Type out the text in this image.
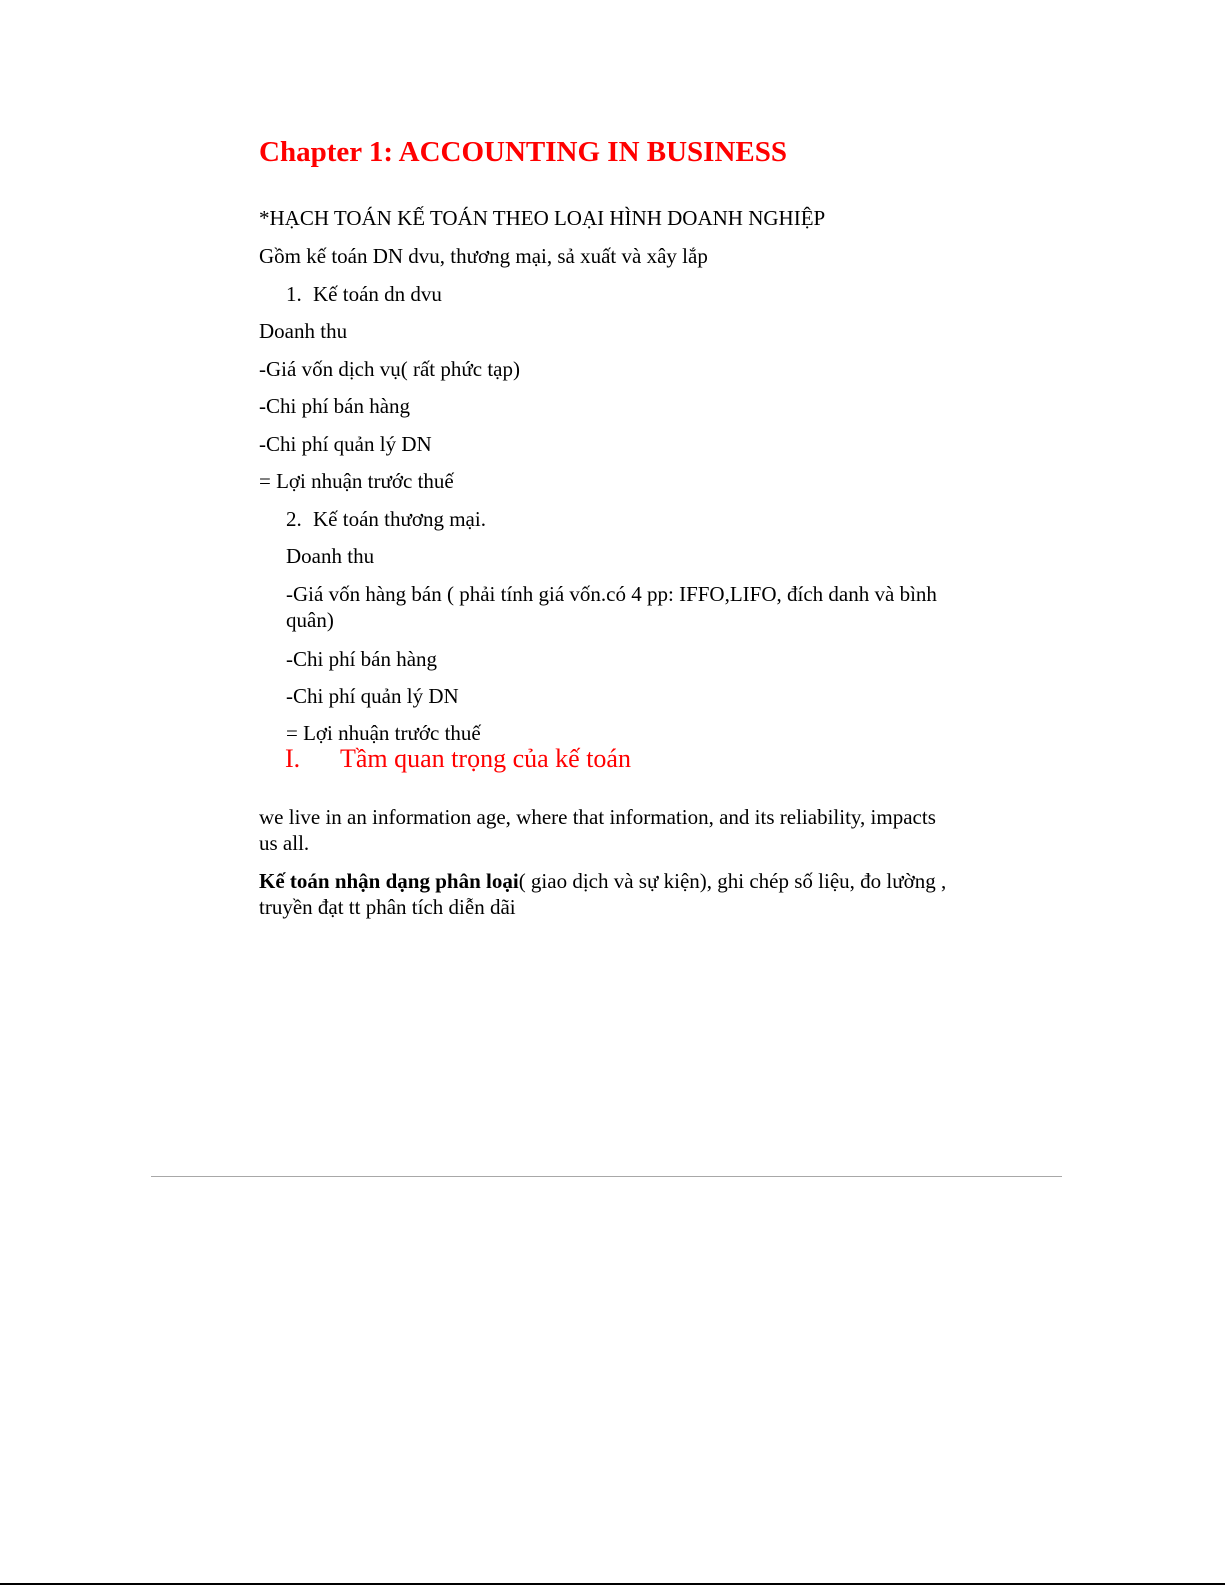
Chapter 1: ACCOUNTING IN BUSINESS
*HẠCH TOÁN KẾ TOÁN THEO LOẠI HÌNH DOANH NGHIỆP
Gồm kế toán DN dvu, thương mại, sả xuất và xây lắp
1. Kế toán dn dvu
Doanh thu
-Giá vốn dịch vụ( rất phức tạp)
-Chi phí bán hàng
-Chi phí quản lý DN
= Lợi nhuận trước thuế
2. Kế toán thương mại.
Doanh thu
-Giá vốn hàng bán ( phải tính giá vốn.có 4 pp: IFFO,LIFO, đích danh và bình quân)
-Chi phí bán hàng
-Chi phí quản lý DN
= Lợi nhuận trước thuế
I. Tầm quan trọng của kế toán
we live in an information age, where that information, and its reliability, impacts us all.
Kế toán nhận dạng phân loại( giao dịch và sự kiện), ghi chép số liệu, đo lường , truyền đạt tt phân tích diễn dãi
